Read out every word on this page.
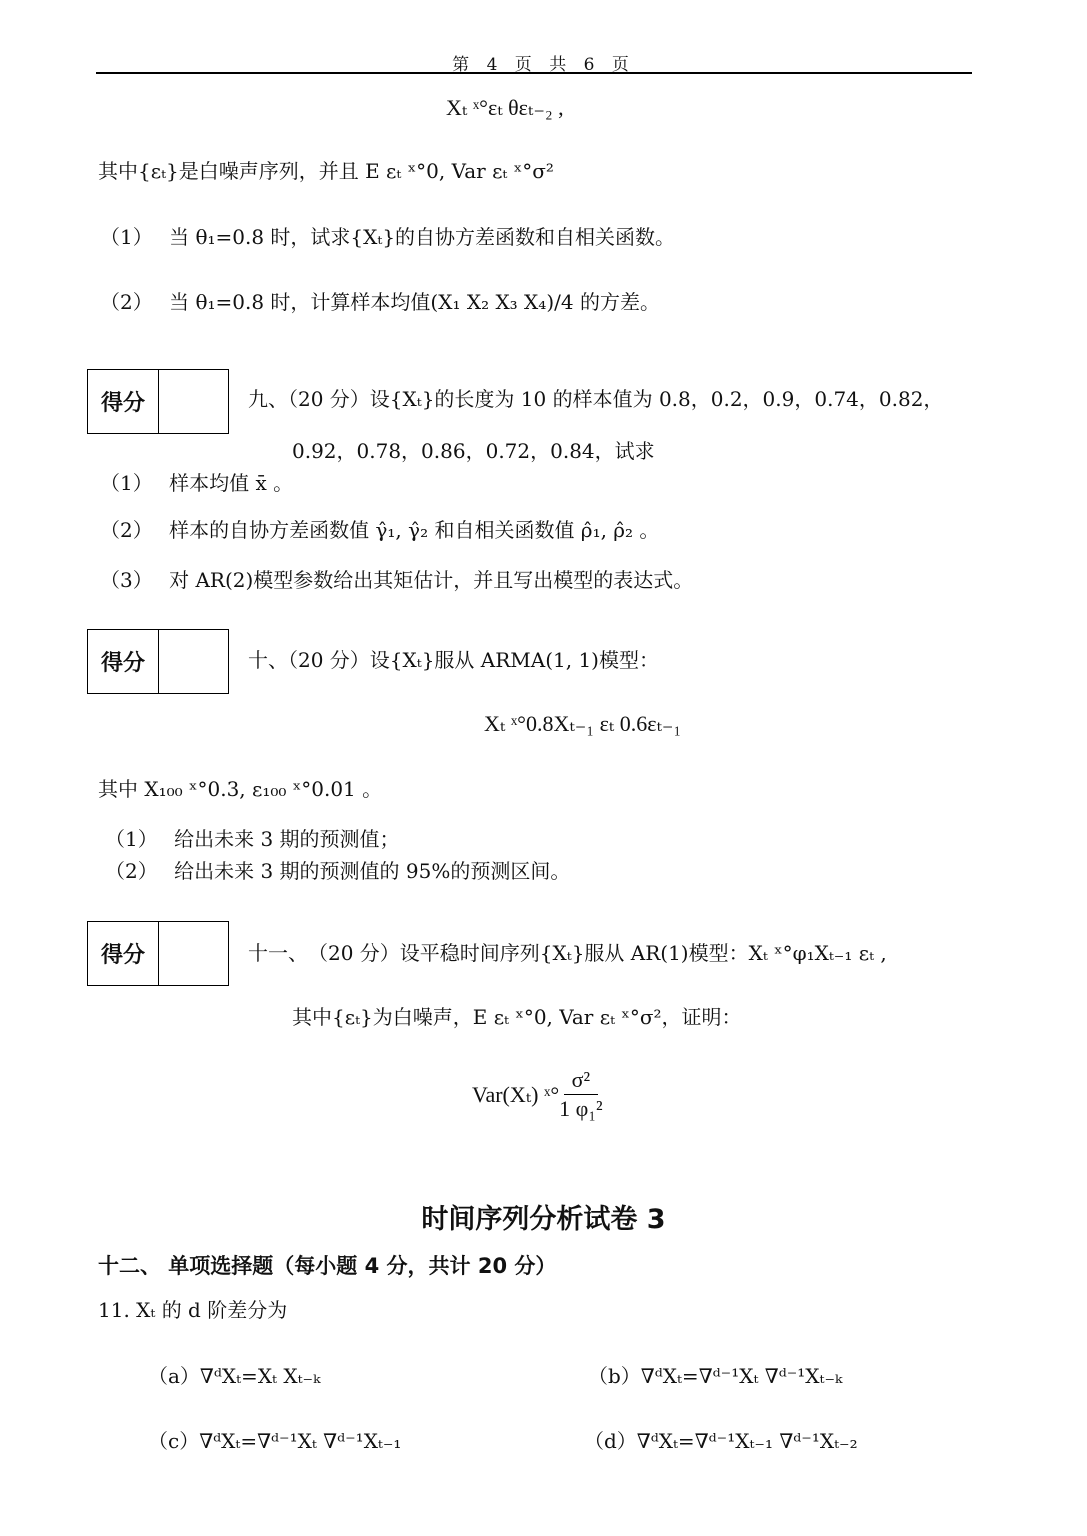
第 4 页 共 6 页
Xₜ ˣ°εₜ θεₜ₋₂ ,
其中{εₜ}是白噪声序列，并且 E εₜ ˣ°0, Var εₜ ˣ°σ²
（1）　 当 θ₁=0.8 时，试求{Xₜ}的自协方差函数和自相关函数。
（2）　 当 θ₁=0.8 时，计算样本均值(X₁ X₂ X₃ X₄)/4 的方差。
得分	九、（20 分）设{Xₜ}的长度为 10 的样本值为 0.8，0.2，0.9，0.74，0.82，
0.92，0.78，0.86，0.72，0.84，试求
（1）　 样本均值 x̄ 。
（2）　 样本的自协方差函数值 γ̂₁, γ̂₂ 和自相关函数值 ρ̂₁, ρ̂₂ 。
（3）　 对 AR(2)模型参数给出其矩估计，并且写出模型的表达式。
得分	十、（20 分）设{Xₜ}服从 ARMA(1, 1)模型：
Xₜ ˣ°0.8Xₜ₋₁ εₜ 0.6εₜ₋₁
其中 X₁₀₀ ˣ°0.3, ε₁₀₀ ˣ°0.01 。
（1）　 给出未来 3 期的预测值；
（2）　 给出未来 3 期的预测值的 95%的预测区间。
得分	十一、　（20 分）设平稳时间序列{Xₜ}服从 AR(1)模型：Xₜ ˣ°φ₁Xₜ₋₁ εₜ ,
其中{εₜ}为白噪声，E εₜ ˣ°0, Var εₜ ˣ°σ²，证明：
Var(Xₜ) ˣ° $\frac{\text{σ²}}{\text{1 φ₁²}}$
时间序列分析试卷 3
十二、 单项选择题（每小题 4 分，共计 20 分）
11. Xₜ 的 d 阶差分为
（a）∇ᵈXₜ=Xₜ Xₜ₋ₖ	（b）∇ᵈXₜ=∇ᵈ⁻¹Xₜ ∇ᵈ⁻¹Xₜ₋ₖ
（c）∇ᵈXₜ=∇ᵈ⁻¹Xₜ ∇ᵈ⁻¹Xₜ₋₁	（d）∇ᵈXₜ=∇ᵈ⁻¹Xₜ₋₁ ∇ᵈ⁻¹Xₜ₋₂
